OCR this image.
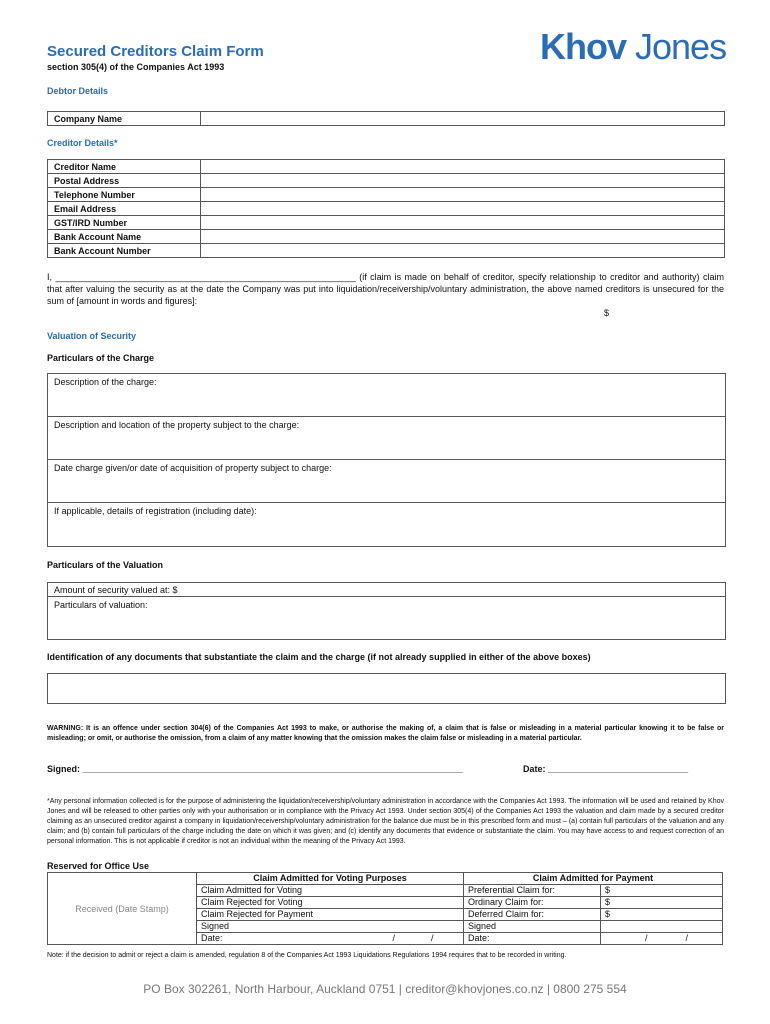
Secured Creditors Claim Form
section 305(4) of the Companies Act 1993	Khov Jones
Debtor Details
Company Name	
Creditor Details*
Creditor Name	
Postal Address	
Telephone Number	
Email Address	
GST/IRD Number	
Bank Account Name	
Bank Account Number	
I, ____________________________________________________________ (if claim is made on behalf of creditor, specify relationship to creditor and authority) claim that after valuing the security as at the date the Company was put into liquidation/receivership/voluntary administration, the above named creditors is unsecured for the sum of [amount in words and figures]:
$
Valuation of Security
Particulars of the Charge
Description of the charge:
Description and location of the property subject to the charge:
Date charge given/or date of acquisition of property subject to charge:
If applicable, details of registration (including date):
Particulars of the Valuation
Amount of security valued at: $
Particulars of valuation:
Identification of any documents that substantiate the claim and the charge (if not already supplied in either of the above boxes)
WARNING: It is an offence under section 304(6) of the Companies Act 1993 to make, or authorise the making of, a claim that is false or misleading in a material particular knowing it to be false or misleading; or omit, or authorise the omission, from a claim of any matter knowing that the omission makes the claim false or misleading in a material particular.
Signed: ____________________________________________________________________________	Date: ____________________________
*Any personal information collected is for the purpose of administering the liquidation/receivership/voluntary administration in accordance with the Companies Act 1993. The information will be used and retained by Khov Jones and will be released to other parties only with your authorisation or in compliance with the Privacy Act 1993. Under section 305(4) of the Companies Act 1993 the valuation and claim made by a secured creditor claiming as an unsecured creditor against a company in liquidation/receivership/voluntary administration for the balance due must be in this prescribed form and must – (a) contain full particulars of the valuation and any claim; and (b) contain full particulars of the charge including the date on which it was given; and (c) identify any documents that evidence or substantiate the claim. You may have access to and request correction of an personal information. This is not applicable if creditor is not an individual within the meaning of the Privacy Act 1993.
Reserved for Office Use
Received (Date Stamp)	Claim Admitted for Voting Purposes	Claim Admitted for Payment	
	Claim Admitted for Voting	Preferential Claim for:	$
	Claim Rejected for Voting	Ordinary Claim for:	$
	Claim Rejected for Payment	Deferred Claim for:	$
	Signed	Signed	
	Date: / /	Date:	/ /
Note: if the decision to admit or reject a claim is amended, regulation 8 of the Companies Act 1993 Liquidations Regulations 1994 requires that to be recorded in writing.
PO Box 302261, North Harbour, Auckland 0751 | creditor@khovjones.co.nz | 0800 275 554
